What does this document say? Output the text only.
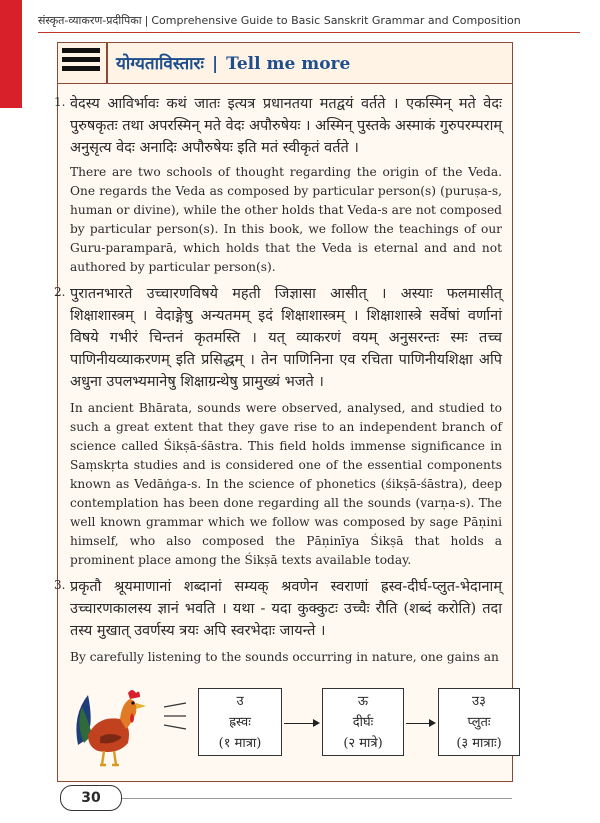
संस्कृत-व्याकरण-प्रदीपिका | Comprehensive Guide to Basic Sanskrit Grammar and Composition
योग्यताविस्तारः | Tell me more
1. वेदस्य आविर्भावः कथं जातः इत्यत्र प्रधानतया मतद्वयं वर्तते । एकस्मिन् मते वेदः पुरुषकृतः तथा अपरस्मिन् मते वेदः अपौरुषेयः । अस्मिन् पुस्तके अस्माकं गुरुपरम्पराम् अनुसृत्य वेदः अनादिः अपौरुषेयः इति मतं स्वीकृतं वर्तते ।

There are two schools of thought regarding the origin of the Veda. One regards the Veda as composed by particular person(s) (puruṣa-s, human or divine), while the other holds that Veda-s are not composed by particular person(s). In this book, we follow the teachings of our Guru-paramparā, which holds that the Veda is eternal and and not authored by particular person(s).

2. पुरातनभारते उच्चारणविषये महती जिज्ञासा आसीत् । अस्याः फलमासीत् शिक्षाशास्त्रम् । वेदाङ्गेषु अन्यतमम् इदं शिक्षाशास्त्रम् । शिक्षाशास्त्रे सर्वेषां वर्णानां विषये गभीरं चिन्तनं कृतमस्ति । यत् व्याकरणं वयम् अनुसरन्तः स्मः तच्च पाणिनीयव्याकरणम् इति प्रसिद्धम् । तेन पाणिनिना एव रचिता पाणिनीयशिक्षा अपि अधुना उपलभ्यमानेषु शिक्षाग्रन्थेषु प्रामुख्यं भजते ।

In ancient Bhārata, sounds were observed, analysed, and studied to such a great extent that they gave rise to an independent branch of science called Śikṣā-śāstra. This field holds immense significance in Saṃskṛta studies and is considered one of the essential components known as Vedāṅga-s. In the science of phonetics (śikṣā-śāstra), deep contemplation has been done regarding all the sounds (varṇa-s). The well known grammar which we follow was composed by sage Pāṇini himself, who also composed the Pāṇinīya Śikṣā that holds a prominent place among the Śikṣā texts available today.

3. प्रकृतौ श्रूयमाणानां शब्दानां सम्यक् श्रवणेन स्वराणां ह्रस्व-दीर्घ-प्लुत-भेदानाम् उच्चारणकालस्य ज्ञानं भवति । यथा - यदा कुक्कुटः उच्चैः रौति (शब्दं करोति) तदा तस्य मुखात् उवर्णस्य त्रयः अपि स्वरभेदाः जायन्ते ।

By carefully listening to the sounds occurring in nature, one gains an

उ
ह्रस्वः
(१ मात्रा)
ऊ
दीर्घः
(२ मात्रे)
उ३
प्लुतः
(३ मात्राः)
30
